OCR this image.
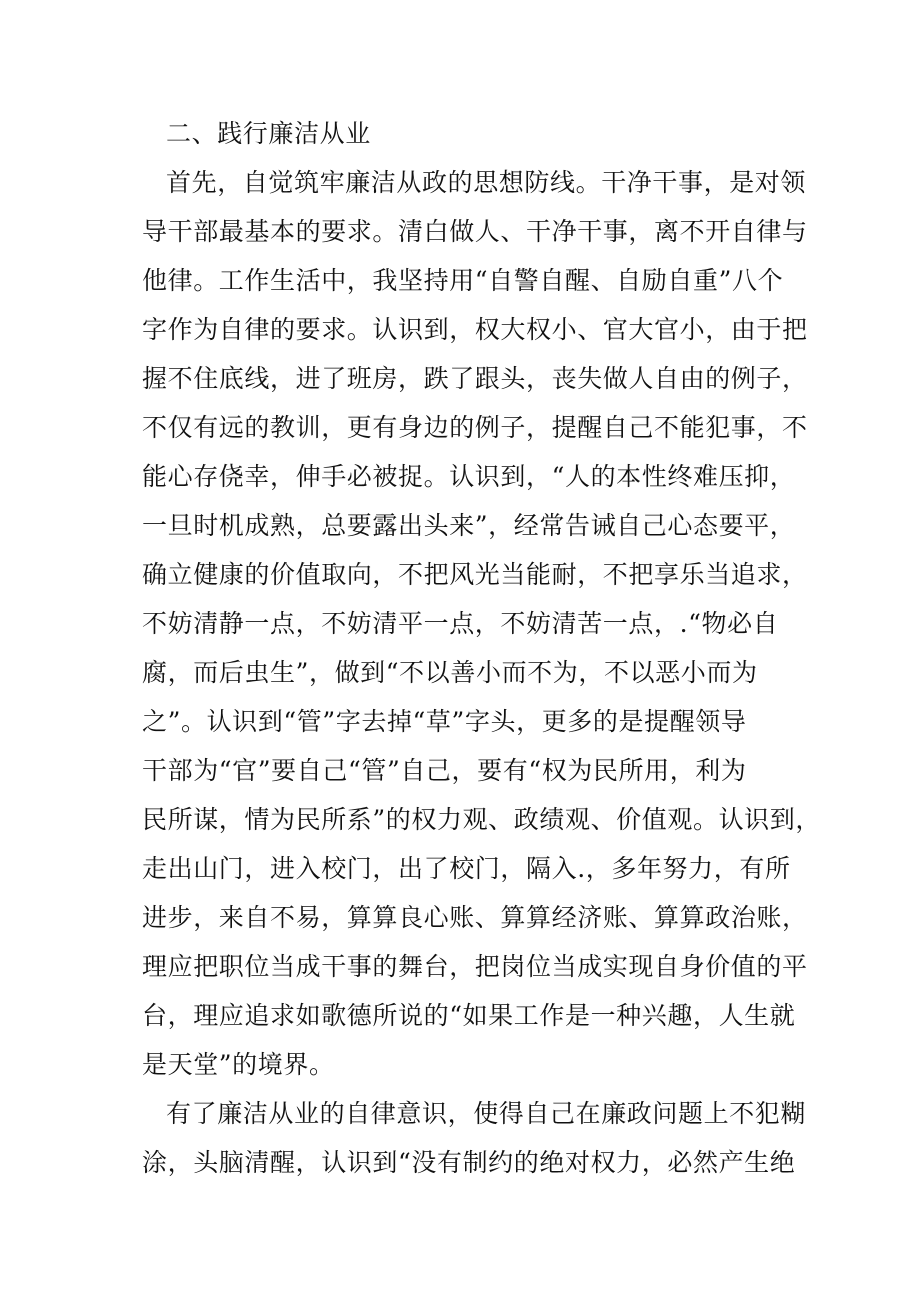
二、践行廉洁从业
首先，自觉筑牢廉洁从政的思想防线。干净干事，是对领
导干部最基本的要求。清白做人、干净干事，离不开自律与
他律。工作生活中，我坚持用“自警自醒、自励自重”八个
字作为自律的要求。认识到，权大权小、官大官小，由于把
握不住底线，进了班房，跌了跟头，丧失做人自由的例子，
不仅有远的教训，更有身边的例子，提醒自己不能犯事，不
能心存侥幸，伸手必被捉。认识到，“人的本性终难压抑，
一旦时机成熟，总要露出头来”，经常告诫自己心态要平，
确立健康的价值取向，不把风光当能耐，不把享乐当追求，
不妨清静一点，不妨清平一点，不妨清苦一点，.“物必自
腐，而后虫生”，做到“不以善小而不为，不以恶小而为
之”。认识到“管”字去掉“草”字头，更多的是提醒领导
干部为“官”要自己“管”自己，要有“权为民所用，利为
民所谋，情为民所系”的权力观、政绩观、价值观。认识到，
走出山门，进入校门，出了校门，隔入.，多年努力，有所
进步，来自不易，算算良心账、算算经济账、算算政治账，
理应把职位当成干事的舞台，把岗位当成实现自身价值的平
台，理应追求如歌德所说的“如果工作是一种兴趣，人生就
是天堂”的境界。
有了廉洁从业的自律意识，使得自己在廉政问题上不犯糊
涂，头脑清醒，认识到“没有制约的绝对权力，必然产生绝
